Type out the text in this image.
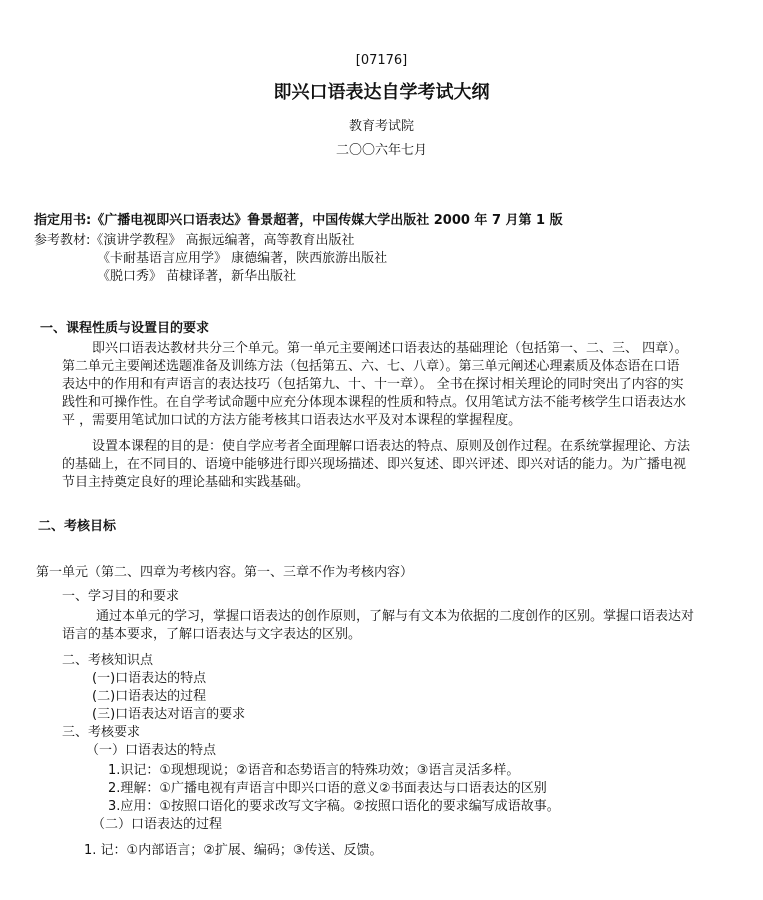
[07176]
即兴口语表达自学考试大纲
教育考试院
二〇〇六年七月
指定用书:《广播电视即兴口语表达》鲁景超著，中国传媒大学出版社 2000 年 7 月第 1 版
参考教材:《演讲学教程》 高振远编著，高等教育出版社
《卡耐基语言应用学》 康德编著，陕西旅游出版社
《脱口秀》 苗棣译著，新华出版社
一、课程性质与设置目的要求
即兴口语表达教材共分三个单元。第一单元主要阐述口语表达的基础理论（包括第一、二、三、 四章）。
第二单元主要阐述选题准备及训练方法（包括第五、六、七、八章）。第三单元阐述心理素质及体态语在口语
表达中的作用和有声语言的表达技巧（包括第九、十、十一章）。 全书在探讨相关理论的同时突出了内容的实
践性和可操作性。在自学考试命题中应充分体现本课程的性质和特点。仅用笔试方法不能考核学生口语表达水
平 ，需要用笔试加口试的方法方能考核其口语表达水平及对本课程的掌握程度。
设置本课程的目的是：使自学应考者全面理解口语表达的特点、原则及创作过程。在系统掌握理论、方法
的基础上，在不同目的、语境中能够进行即兴现场描述、即兴复述、即兴评述、即兴对话的能力。为广播电视
节目主持奠定良好的理论基础和实践基础。
二、考核目标
第一单元（第二、四章为考核内容。第一、三章不作为考核内容）
一、学习目的和要求
通过本单元的学习，掌握口语表达的创作原则，了解与有文本为依据的二度创作的区别。掌握口语表达对
语言的基本要求，了解口语表达与文字表达的区别。
二、考核知识点
(一)口语表达的特点
(二)口语表达的过程
(三)口语表达对语言的要求
三、考核要求
（一）口语表达的特点
1.识记：①现想现说；②语音和态势语言的特殊功效；③语言灵活多样。
2.理解：①广播电视有声语言中即兴口语的意义②书面表达与口语表达的区别
3.应用：①按照口语化的要求改写文字稿。②按照口语化的要求编写成语故事。
（二）口语表达的过程
1. 记：①内部语言；②扩展、编码；③传送、反馈。
